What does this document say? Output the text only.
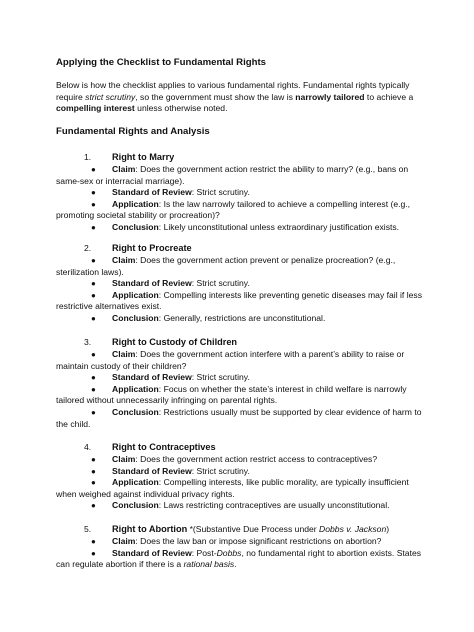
Applying the Checklist to Fundamental Rights
Below is how the checklist applies to various fundamental rights. Fundamental rights typically require strict scrutiny, so the government must show the law is narrowly tailored to achieve a compelling interest unless otherwise noted.
Fundamental Rights and Analysis
1. Right to Marry
● Claim: Does the government action restrict the ability to marry? (e.g., bans on same-sex or interracial marriage).
● Standard of Review: Strict scrutiny.
● Application: Is the law narrowly tailored to achieve a compelling interest (e.g., promoting societal stability or procreation)?
● Conclusion: Likely unconstitutional unless extraordinary justification exists.
2. Right to Procreate
● Claim: Does the government action prevent or penalize procreation? (e.g., sterilization laws).
● Standard of Review: Strict scrutiny.
● Application: Compelling interests like preventing genetic diseases may fail if less restrictive alternatives exist.
● Conclusion: Generally, restrictions are unconstitutional.
3. Right to Custody of Children
● Claim: Does the government action interfere with a parent’s ability to raise or maintain custody of their children?
● Standard of Review: Strict scrutiny.
● Application: Focus on whether the state’s interest in child welfare is narrowly tailored without unnecessarily infringing on parental rights.
● Conclusion: Restrictions usually must be supported by clear evidence of harm to the child.
4. Right to Contraceptives
● Claim: Does the government action restrict access to contraceptives?
● Standard of Review: Strict scrutiny.
● Application: Compelling interests, like public morality, are typically insufficient when weighed against individual privacy rights.
● Conclusion: Laws restricting contraceptives are usually unconstitutional.
5. Right to Abortion *(Substantive Due Process under Dobbs v. Jackson)
● Claim: Does the law ban or impose significant restrictions on abortion?
● Standard of Review: Post-Dobbs, no fundamental right to abortion exists. States can regulate abortion if there is a rational basis.
